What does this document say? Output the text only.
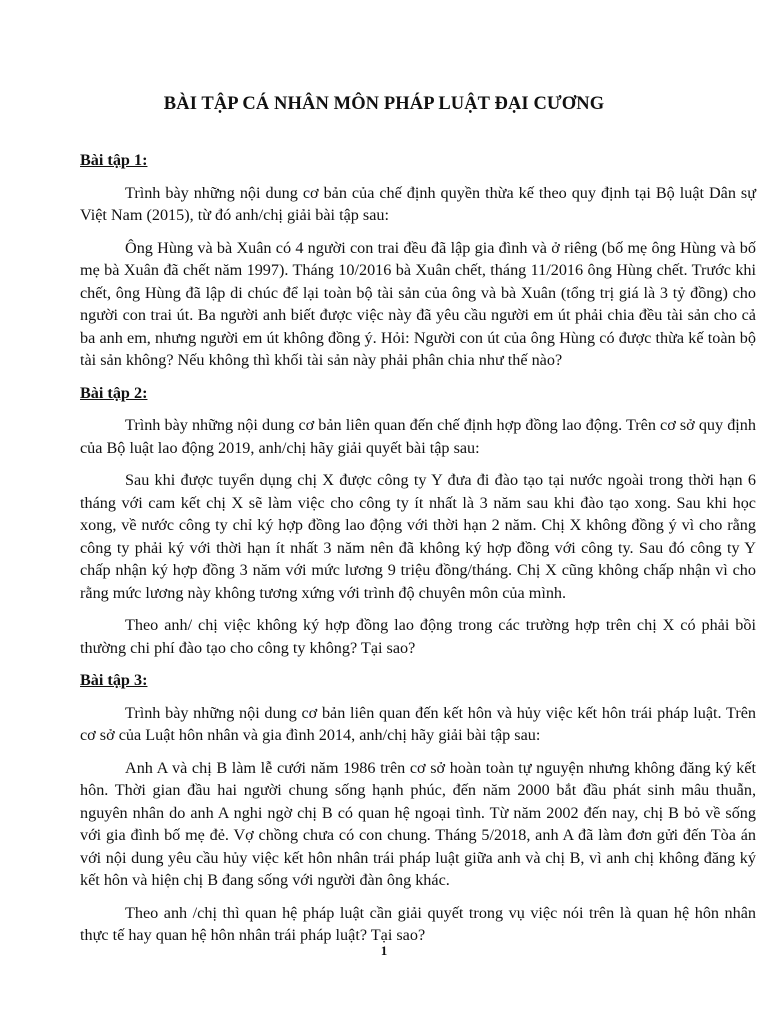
BÀI TẬP CÁ NHÂN MÔN PHÁP LUẬT ĐẠI CƯƠNG
Bài tập 1:

Trình bày những nội dung cơ bản của chế định quyền thừa kế theo quy định tại Bộ luật Dân sự Việt Nam (2015), từ đó anh/chị giải bài tập sau:

Ông Hùng và bà Xuân có 4 người con trai đều đã lập gia đình và ở riêng (bố mẹ ông Hùng và bố mẹ bà Xuân đã chết năm 1997). Tháng 10/2016 bà Xuân chết, tháng 11/2016 ông Hùng chết. Trước khi chết, ông Hùng đã lập di chúc để lại toàn bộ tài sản của ông và bà Xuân (tổng trị giá là 3 tỷ đồng) cho người con trai út. Ba người anh biết được việc này đã yêu cầu người em út phải chia đều tài sản cho cả ba anh em, nhưng người em út không đồng ý. Hỏi: Người con út của ông Hùng có được thừa kế toàn bộ tài sản không? Nếu không thì khối tài sản này phải phân chia như thế nào?

Bài tập 2:

Trình bày những nội dung cơ bản liên quan đến chế định hợp đồng lao động. Trên cơ sở quy định của Bộ luật lao động 2019, anh/chị hãy giải quyết bài tập sau:

Sau khi được tuyển dụng chị X được công ty Y đưa đi đào tạo tại nước ngoài trong thời hạn 6 tháng với cam kết chị X sẽ làm việc cho công ty ít nhất là 3 năm sau khi đào tạo xong. Sau khi học xong, về nước công ty chỉ ký hợp đồng lao động với thời hạn 2 năm. Chị X không đồng ý vì cho rằng công ty phải ký với thời hạn ít nhất 3 năm nên đã không ký hợp đồng với công ty. Sau đó công ty Y chấp nhận ký hợp đồng 3 năm với mức lương 9 triệu đồng/tháng. Chị X cũng không chấp nhận vì cho rằng mức lương này không tương xứng với trình độ chuyên môn của mình.

Theo anh/ chị việc không ký hợp đồng lao động trong các trường hợp trên chị X có phải bồi thường chi phí đào tạo cho công ty không? Tại sao?

Bài tập 3:

Trình bày những nội dung cơ bản liên quan đến kết hôn và hủy việc kết hôn trái pháp luật. Trên cơ sở của Luật hôn nhân và gia đình 2014, anh/chị hãy giải bài tập sau:

Anh A và chị B làm lễ cưới năm 1986 trên cơ sở hoàn toàn tự nguyện nhưng không đăng ký kết hôn. Thời gian đầu hai người chung sống hạnh phúc, đến năm 2000 bắt đầu phát sinh mâu thuẫn, nguyên nhân do anh A nghi ngờ chị B có quan hệ ngoại tình. Từ năm 2002 đến nay, chị B bỏ về sống với gia đình bố mẹ đẻ. Vợ chồng chưa có con chung. Tháng 5/2018, anh A đã làm đơn gửi đến Tòa án với nội dung yêu cầu hủy việc kết hôn nhân trái pháp luật giữa anh và chị B, vì anh chị không đăng ký kết hôn và hiện chị B đang sống với người đàn ông khác.

Theo anh /chị thì quan hệ pháp luật cần giải quyết trong vụ việc nói trên là quan hệ hôn nhân thực tế hay quan hệ hôn nhân trái pháp luật? Tại sao?

1
